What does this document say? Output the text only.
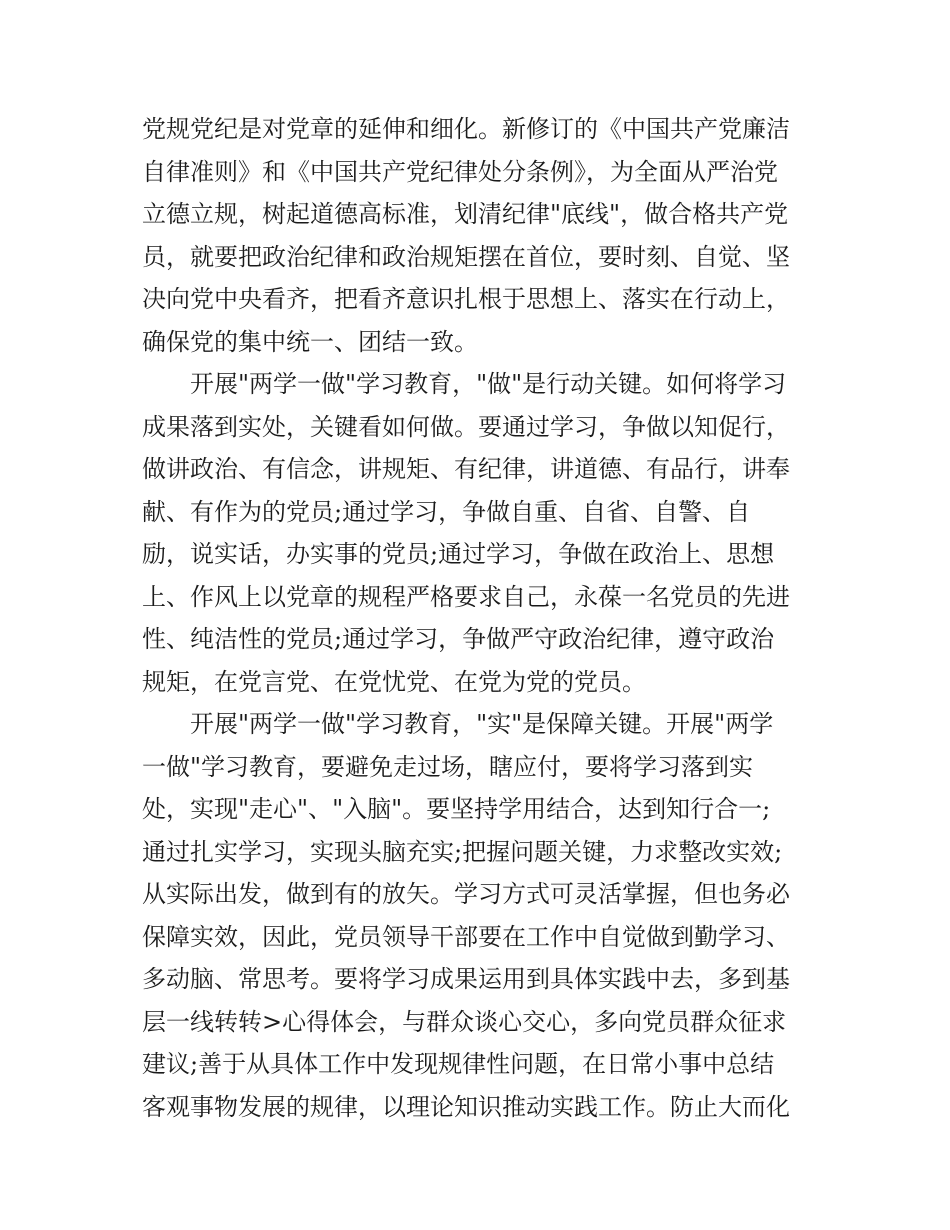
党规党纪是对党章的延伸和细化。新修订的《中国共产党廉洁
自律准则》和《中国共产党纪律处分条例》，为全面从严治党
立德立规，树起道德高标准，划清纪律"底线"，做合格共产党
员，就要把政治纪律和政治规矩摆在首位，要时刻、自觉、坚
决向党中央看齐，把看齐意识扎根于思想上、落实在行动上，
确保党的集中统一、团结一致。
开展"两学一做"学习教育，"做"是行动关键。如何将学习
成果落到实处，关键看如何做。要通过学习，争做以知促行，
做讲政治、有信念，讲规矩、有纪律，讲道德、有品行，讲奉
献、有作为的党员;通过学习，争做自重、自省、自警、自
励，说实话，办实事的党员;通过学习，争做在政治上、思想
上、作风上以党章的规程严格要求自己，永葆一名党员的先进
性、纯洁性的党员;通过学习，争做严守政治纪律，遵守政治
规矩，在党言党、在党忧党、在党为党的党员。
开展"两学一做"学习教育，"实"是保障关键。开展"两学
一做"学习教育，要避免走过场，瞎应付，要将学习落到实
处，实现"走心"、"入脑"。要坚持学用结合，达到知行合一;
通过扎实学习，实现头脑充实;把握问题关键，力求整改实效;
从实际出发，做到有的放矢。学习方式可灵活掌握，但也务必
保障实效，因此，党员领导干部要在工作中自觉做到勤学习、
多动脑、常思考。要将学习成果运用到具体实践中去，多到基
层一线转转>心得体会，与群众谈心交心，多向党员群众征求
建议;善于从具体工作中发现规律性问题，在日常小事中总结
客观事物发展的规律，以理论知识推动实践工作。防止大而化
